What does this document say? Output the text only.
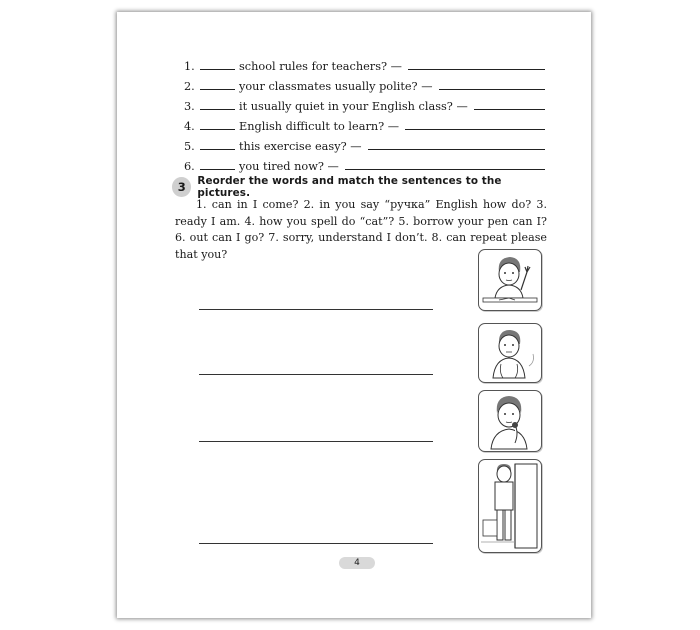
1.	school rules for teachers? —
2.	your classmates usually polite? —
3.	it usually quiet in your English class? —
4.	English difficult to learn? —
5.	this exercise easy? —
6.	you tired now? —
3	Reorder the words and match the sentences to the pictures.
1. can in I come? 2. in you say “ручка” English how do? 3. ready I am. 4. how you spell do “cat”? 5. borrow your pen can I? 6. out can I go? 7. sorry, understand I don’t. 8. can repeat please that you?
4
